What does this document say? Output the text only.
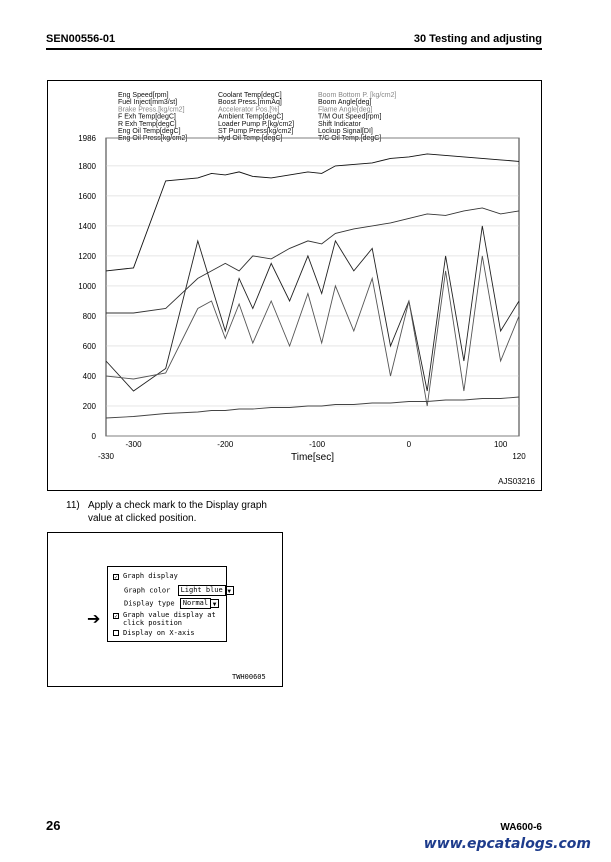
SEN00556-01	30 Testing and adjusting
Eng Speed[rpm]	Coolant Temp[degC]	Boom Bottom P. [kg/cm2]
Fuel Inject[mm3/st]	Boost Press.[mmAq]	Boom Angle[deg]
Brake Press.[kg/cm2]	Accelerator Pos.[%]	Flame Angle[deg]
F Exh Temp[degC]	Ambient Temp[degC]	T/M Out Speed[rpm]
R Exh Temp[degC]	Loader Pump P.[kg/cm2]	Shift Indicator
Eng Oil Temp[degC]	ST Pump Press[kg/cm2]	Lockup Signal[DI]
Eng Oil Press[kg/cm2]	Hyd Oil Temp.[degC]	T/C Oil Temp.[degC]
1986
1800
1600
1400
1200
1000
800
600
400
200
0
-300	-200	-100	0	100
-330	120
Time[sec]
AJS03216
11) Apply a check mark to the Display graph
value at clicked position.
➔
✓ Graph display
Graph color Light blue ▼
Display type Normal ▼
✓ Graph value display at
click position
Display on X-axis
TWH00605
26	WA600-6
www.epcatalogs.com
